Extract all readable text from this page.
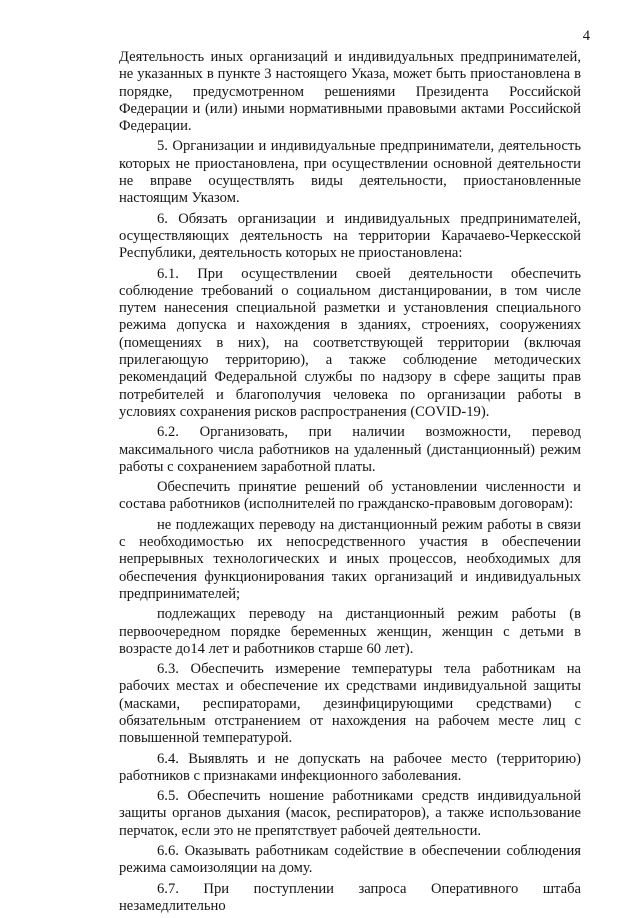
4

Деятельность иных организаций и индивидуальных предпринимателей, не указанных в пункте 3 настоящего Указа, может быть приостановлена в порядке, предусмотренном решениями Президента Российской Федерации и (или) иными нормативными правовыми актами Российской Федерации.

5. Организации и индивидуальные предприниматели, деятельность которых не приостановлена, при осуществлении основной деятельности не вправе осуществлять виды деятельности, приостановленные настоящим Указом.

6. Обязать организации и индивидуальных предпринимателей, осуществляющих деятельность на территории Карачаево-Черкесской Республики, деятельность которых не приостановлена:

6.1. При осуществлении своей деятельности обеспечить соблюдение требований о социальном дистанцировании, в том числе путем нанесения специальной разметки и установления специального режима допуска и нахождения в зданиях, строениях, сооружениях (помещениях в них), на соответствующей территории (включая прилегающую территорию), а также соблюдение методических рекомендаций Федеральной службы по надзору в сфере защиты прав потребителей и благополучия человека по организации работы в условиях сохранения рисков распространения (COVID-19).

6.2. Организовать, при наличии возможности, перевод максимального числа работников на удаленный (дистанционный) режим работы с сохранением заработной платы.

Обеспечить принятие решений об установлении численности и состава работников (исполнителей по гражданско-правовым договорам):

не подлежащих переводу на дистанционный режим работы в связи с необходимостью их непосредственного участия в обеспечении непрерывных технологических и иных процессов, необходимых для обеспечения функционирования таких организаций и индивидуальных предпринимателей;

подлежащих переводу на дистанционный режим работы (в первоочередном порядке беременных женщин, женщин с детьми в возрасте до14 лет и работников старше 60 лет).

6.3. Обеспечить измерение температуры тела работникам на рабочих местах и обеспечение их средствами индивидуальной защиты (масками, респираторами, дезинфицирующими средствами) с обязательным отстранением от нахождения на рабочем месте лиц с повышенной температурой.

6.4. Выявлять и не допускать на рабочее место (территорию) работников с признаками инфекционного заболевания.

6.5. Обеспечить ношение работниками средств индивидуальной защиты органов дыхания (масок, респираторов), а также использование перчаток, если это не препятствует рабочей деятельности.

6.6. Оказывать работникам содействие в обеспечении соблюдения режима самоизоляции на дому.

6.7. При поступлении запроса Оперативного штаба незамедлительно
